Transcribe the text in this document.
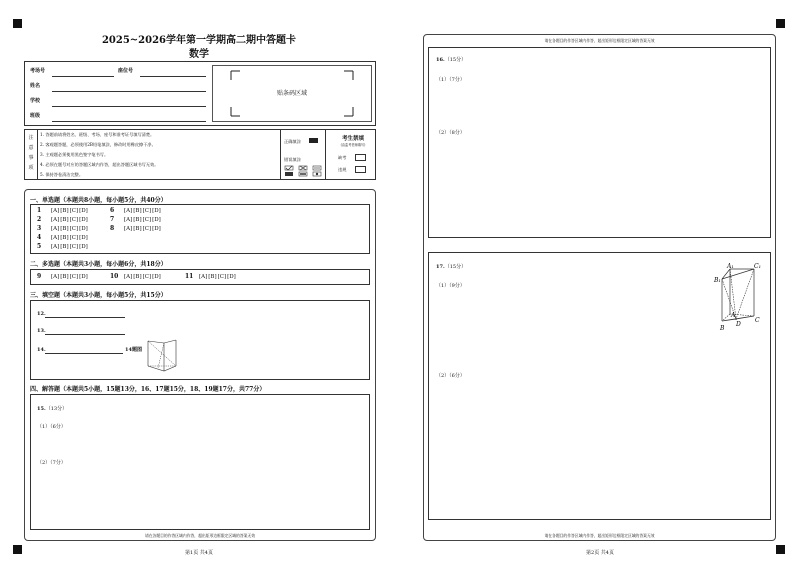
2025~2026学年第一学期高二期中答题卡
数学
考场号	座位号
姓名
学校
班级
贴条码区域
注
意
事
项
1. 答题前请将姓名、班级、考场、座号和准考证号填写清楚。
2. 客观题答题，必须使用2B铅笔填涂，修改时用橡皮擦干净。
3. 主观题必须使用黑色签字笔书写。
4. 必须在题号对应的答题区域内作答，超出答题区域书写无效。
5. 保持答卷清洁完整。
正确填涂
错误填涂
考生禁填
(由监考老师填写)
缺考
违规
一、单选题（本题共8小题，每小题5分，共40分）
1 [A][B][C][D]
2 [A][B][C][D]
3 [A][B][C][D]
4 [A][B][C][D]
5 [A][B][C][D]
6 [A][B][C][D]
7 [A][B][C][D]
8 [A][B][C][D]
二、多选题（本题共3小题，每小题6分，共18分）
9 [A][B][C][D]	10 [A][B][C][D]	11 [A][B][C][D]
三、填空题（本题共3小题，每小题5分，共15分）
12.
13.
14.	14题图
四、解答题（本题共5小题，15题13分，16、17题15分，18、19题17分，共77分）
15.（13分）
（1）（6分）
（2）（7分）
请在各题目的作答区域内作答，超出矩形边框限定区域的答案无效
第1页 共4页
请在各题目的作答区域内作答，超出矩形边框限定区域的答案无效
16.（15分）
（1）（7分）
（2）（8分）
17.（15分）
（1）（9分）
（2）（6分）
A₁	C₁
B₁
A
C
B
D
请在各题目的作答区域内作答，超出矩形边框限定区域的答案无效
第2页 共4页
